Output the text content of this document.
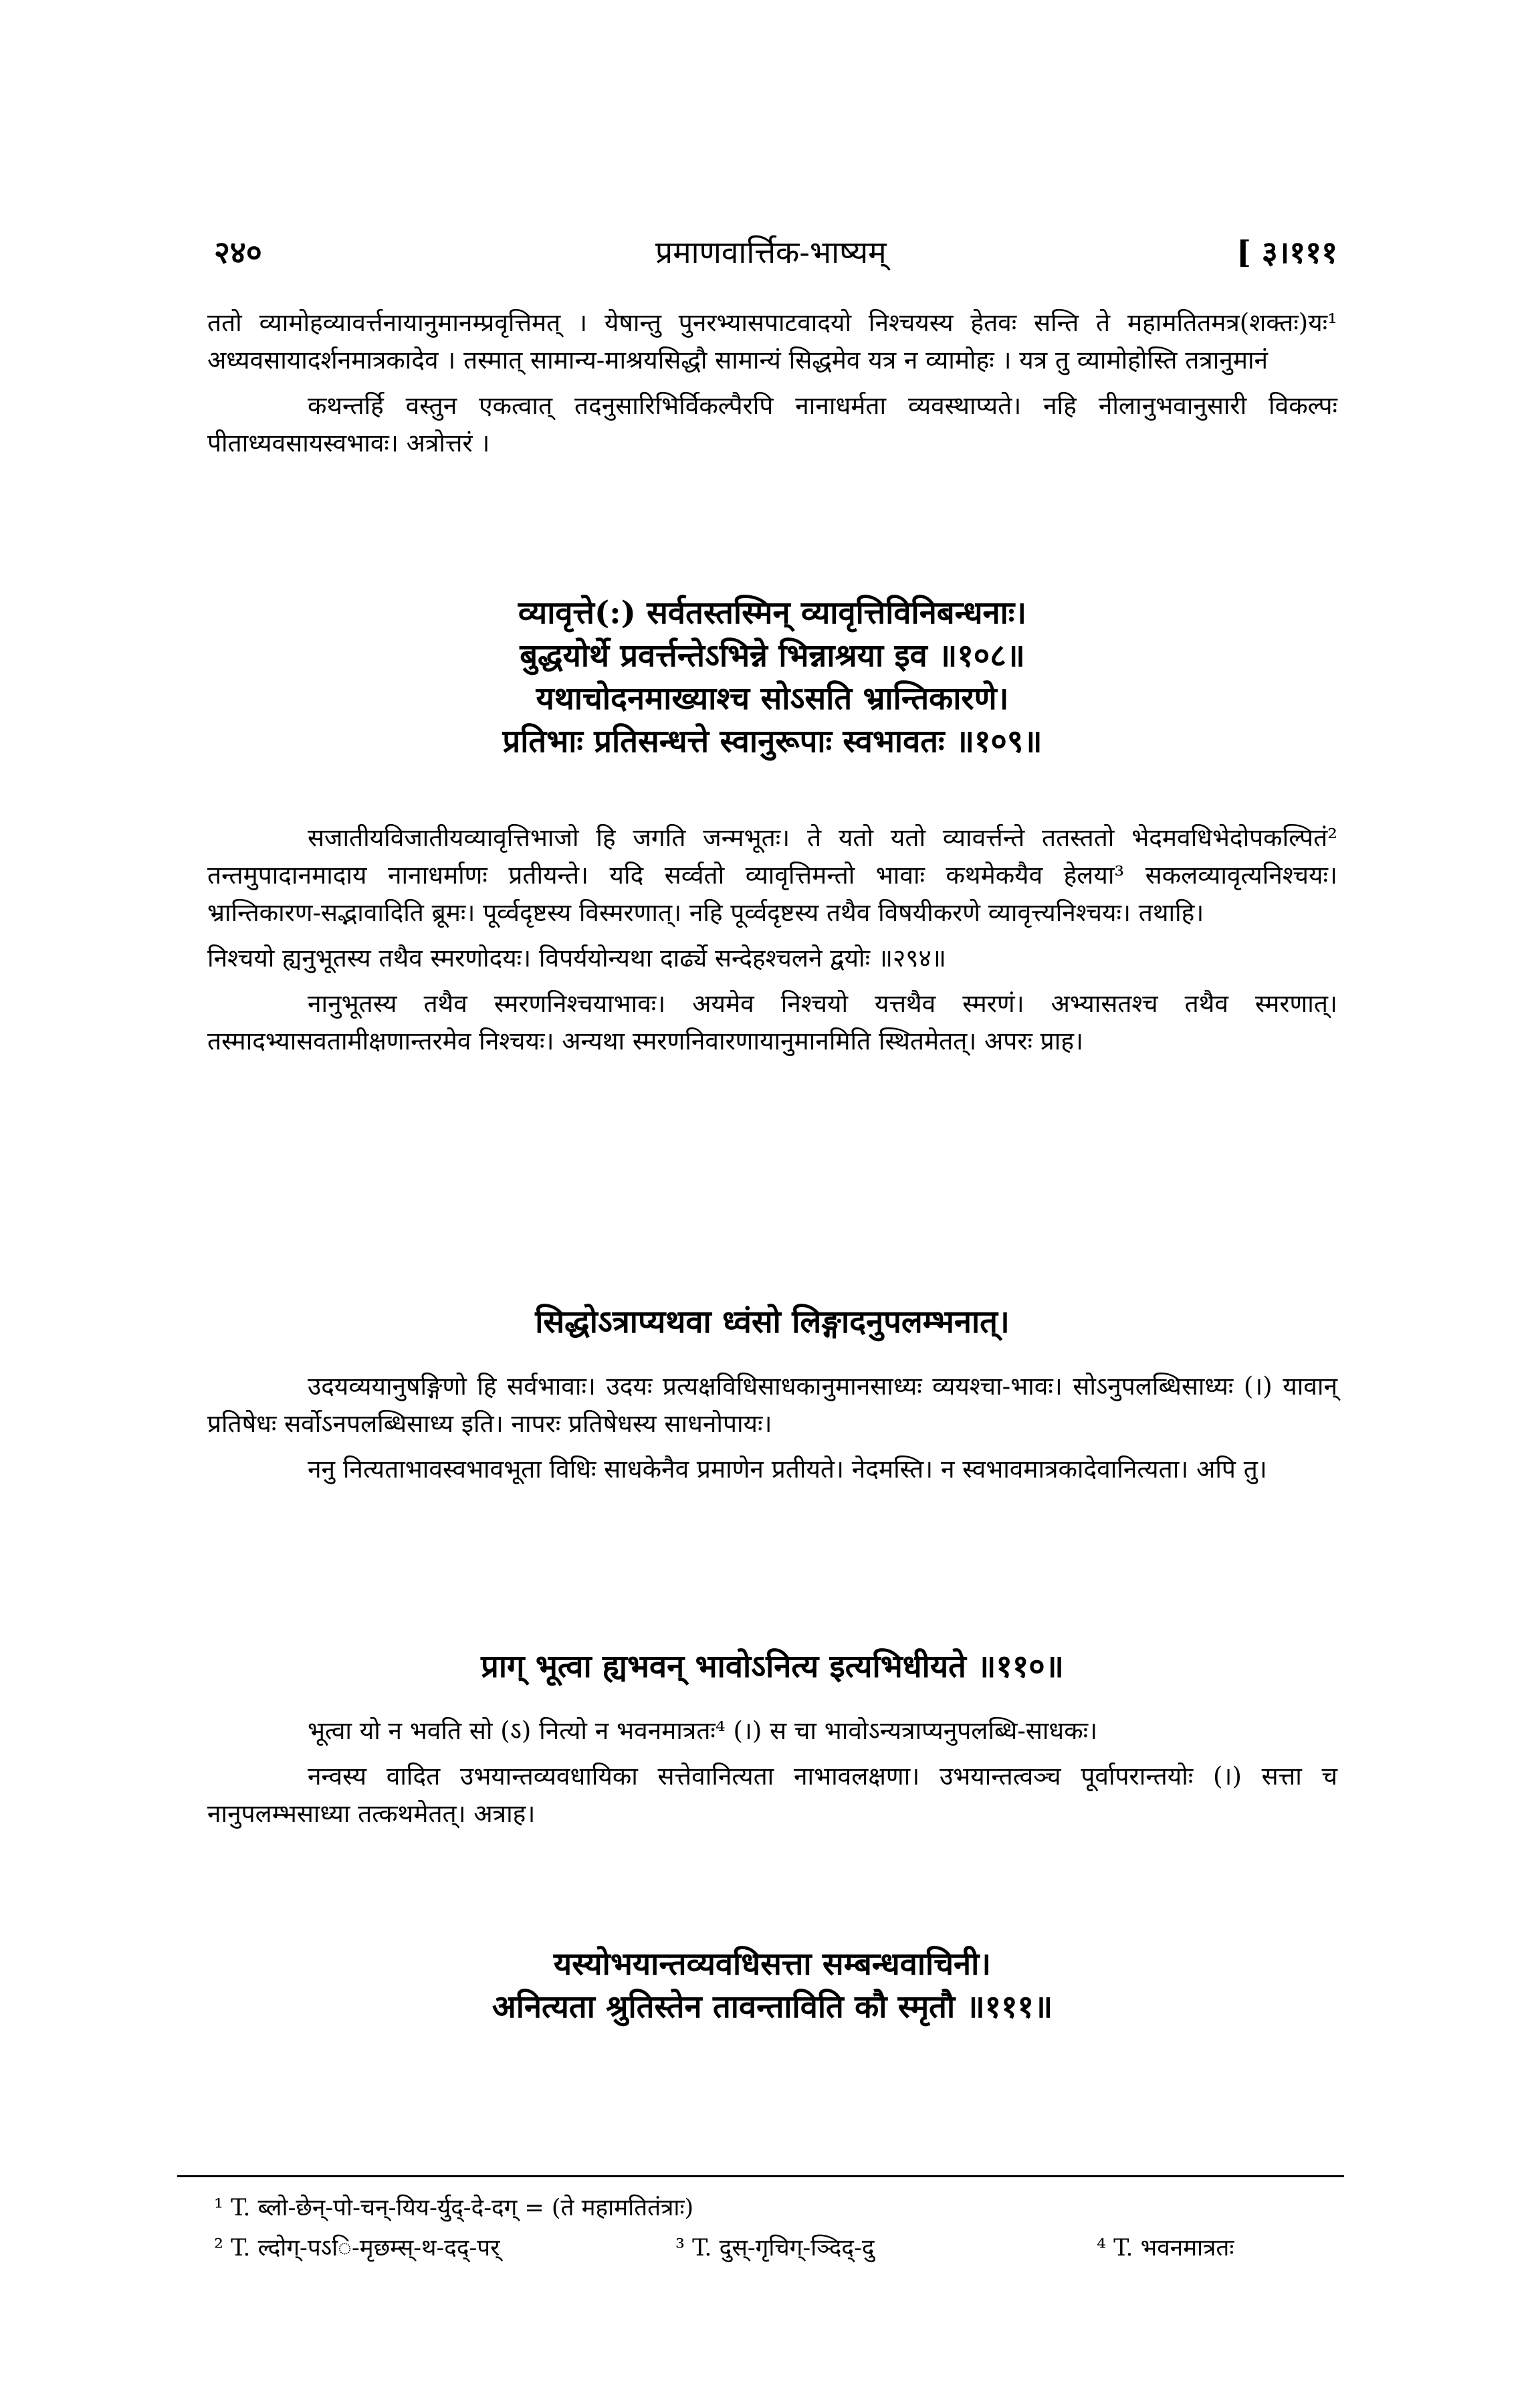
२४०	प्रमाणवार्त्तिक-भाष्यम्	[ ३।१११

ततो व्यामोहव्यावर्त्तनायानुमानम्प्रवृत्तिमत् । येषान्तु पुनरभ्यासपाटवादयो निश्चयस्य हेतवः सन्ति ते महामतितमत्र(शक्तः)यः¹ अध्यवसायादर्शनमात्रकादेव । तस्मात् सामान्य-माश्रयसिद्धौ सामान्यं सिद्धमेव यत्र न व्यामोहः । यत्र तु व्यामोहोस्ति तत्रानुमानं

कथन्तर्हि वस्तुन एकत्वात् तदनुसारिभिर्विकल्पैरपि नानाधर्मता व्यवस्थाप्यते। नहि नीलानुभवानुसारी विकल्पः पीताध्यवसायस्वभावः। अत्रोत्तरं ।

व्यावृत्ते(:) सर्वतस्तस्मिन् व्यावृत्तिविनिबन्धनाः।

बुद्धयोर्थे प्रवर्त्तन्तेऽभिन्ने भिन्नाश्रया इव ॥१०८॥

यथाचोदनमाख्याश्च सोऽसति भ्रान्तिकारणे।

प्रतिभाः प्रतिसन्धत्ते स्वानुरूपाः स्वभावतः ॥१०९॥

सजातीयविजातीयव्यावृत्तिभाजो हि जगति जन्मभूतः। ते यतो यतो व्यावर्त्तन्ते ततस्ततो भेदमवधिभेदोपकल्पितं² तन्तमुपादानमादाय नानाधर्माणः प्रतीयन्ते। यदि सर्व्वतो व्यावृत्तिमन्तो भावाः कथमेकयैव हेलया³ सकलव्यावृत्यनिश्चयः। भ्रान्तिकारण-सद्भावादिति ब्रूमः। पूर्व्वदृष्टस्य विस्मरणात्। नहि पूर्व्वदृष्टस्य तथैव विषयीकरणे व्यावृत्त्यनिश्चयः। तथाहि।

निश्चयो ह्यनुभूतस्य तथैव स्मरणोदयः। विपर्ययोन्यथा दार्ढ्ये सन्देहश्चलने द्वयोः ॥२९४॥

नानुभूतस्य तथैव स्मरणनिश्चयाभावः। अयमेव निश्चयो यत्तथैव स्मरणं। अभ्यासतश्च तथैव स्मरणात्। तस्मादभ्यासवतामीक्षणान्तरमेव निश्चयः। अन्यथा स्मरणनिवारणायानुमानमिति स्थितमेतत्। अपरः प्राह।

सिद्धोऽत्राप्यथवा ध्वंसो लिङ्गादनुपलम्भनात्।

उदयव्ययानुषङ्गिणो हि सर्वभावाः। उदयः प्रत्यक्षविधिसाधकानुमानसाध्यः व्ययश्चा-भावः। सोऽनुपलब्धिसाध्यः (।) यावान् प्रतिषेधः सर्वोऽनपलब्धिसाध्य इति। नापरः प्रतिषेधस्य साधनोपायः।

ननु नित्यताभावस्वभावभूता विधिः साधकेनैव प्रमाणेन प्रतीयते। नेदमस्ति। न स्वभावमात्रकादेवानित्यता। अपि तु।

प्राग् भूत्वा ह्यभवन् भावोऽनित्य इत्यभिधीयते ॥११०॥

भूत्वा यो न भवति सो (ऽ) नित्यो न भवनमात्रतः⁴ (।) स चा भावोऽन्यत्राप्यनुपलब्धि-साधकः।

नन्वस्य वादित उभयान्तव्यवधायिका सत्तेवानित्यता नाभावलक्षणा। उभयान्तत्वञ्च पूर्वापरान्तयोः (।) सत्ता च नानुपलम्भसाध्या तत्कथमेतत्। अत्राह।

यस्योभयान्तव्यवधिसत्ता सम्बन्धवाचिनी।

अनित्यता श्रुतिस्तेन तावन्ताविति कौ स्मृतौ ॥१११॥

¹ T. ब्लो-छेन्-पो-चन्-यिय-र्युद्-दे-दग् = (ते महामतितंत्राः)
² T. ल्दोग्-पऽि-मृछम्स्-थ-दद्-पर्	³ T. दुस्-गृचिग्-ञ्दिद्-दु	⁴ T. भवनमात्रतः
